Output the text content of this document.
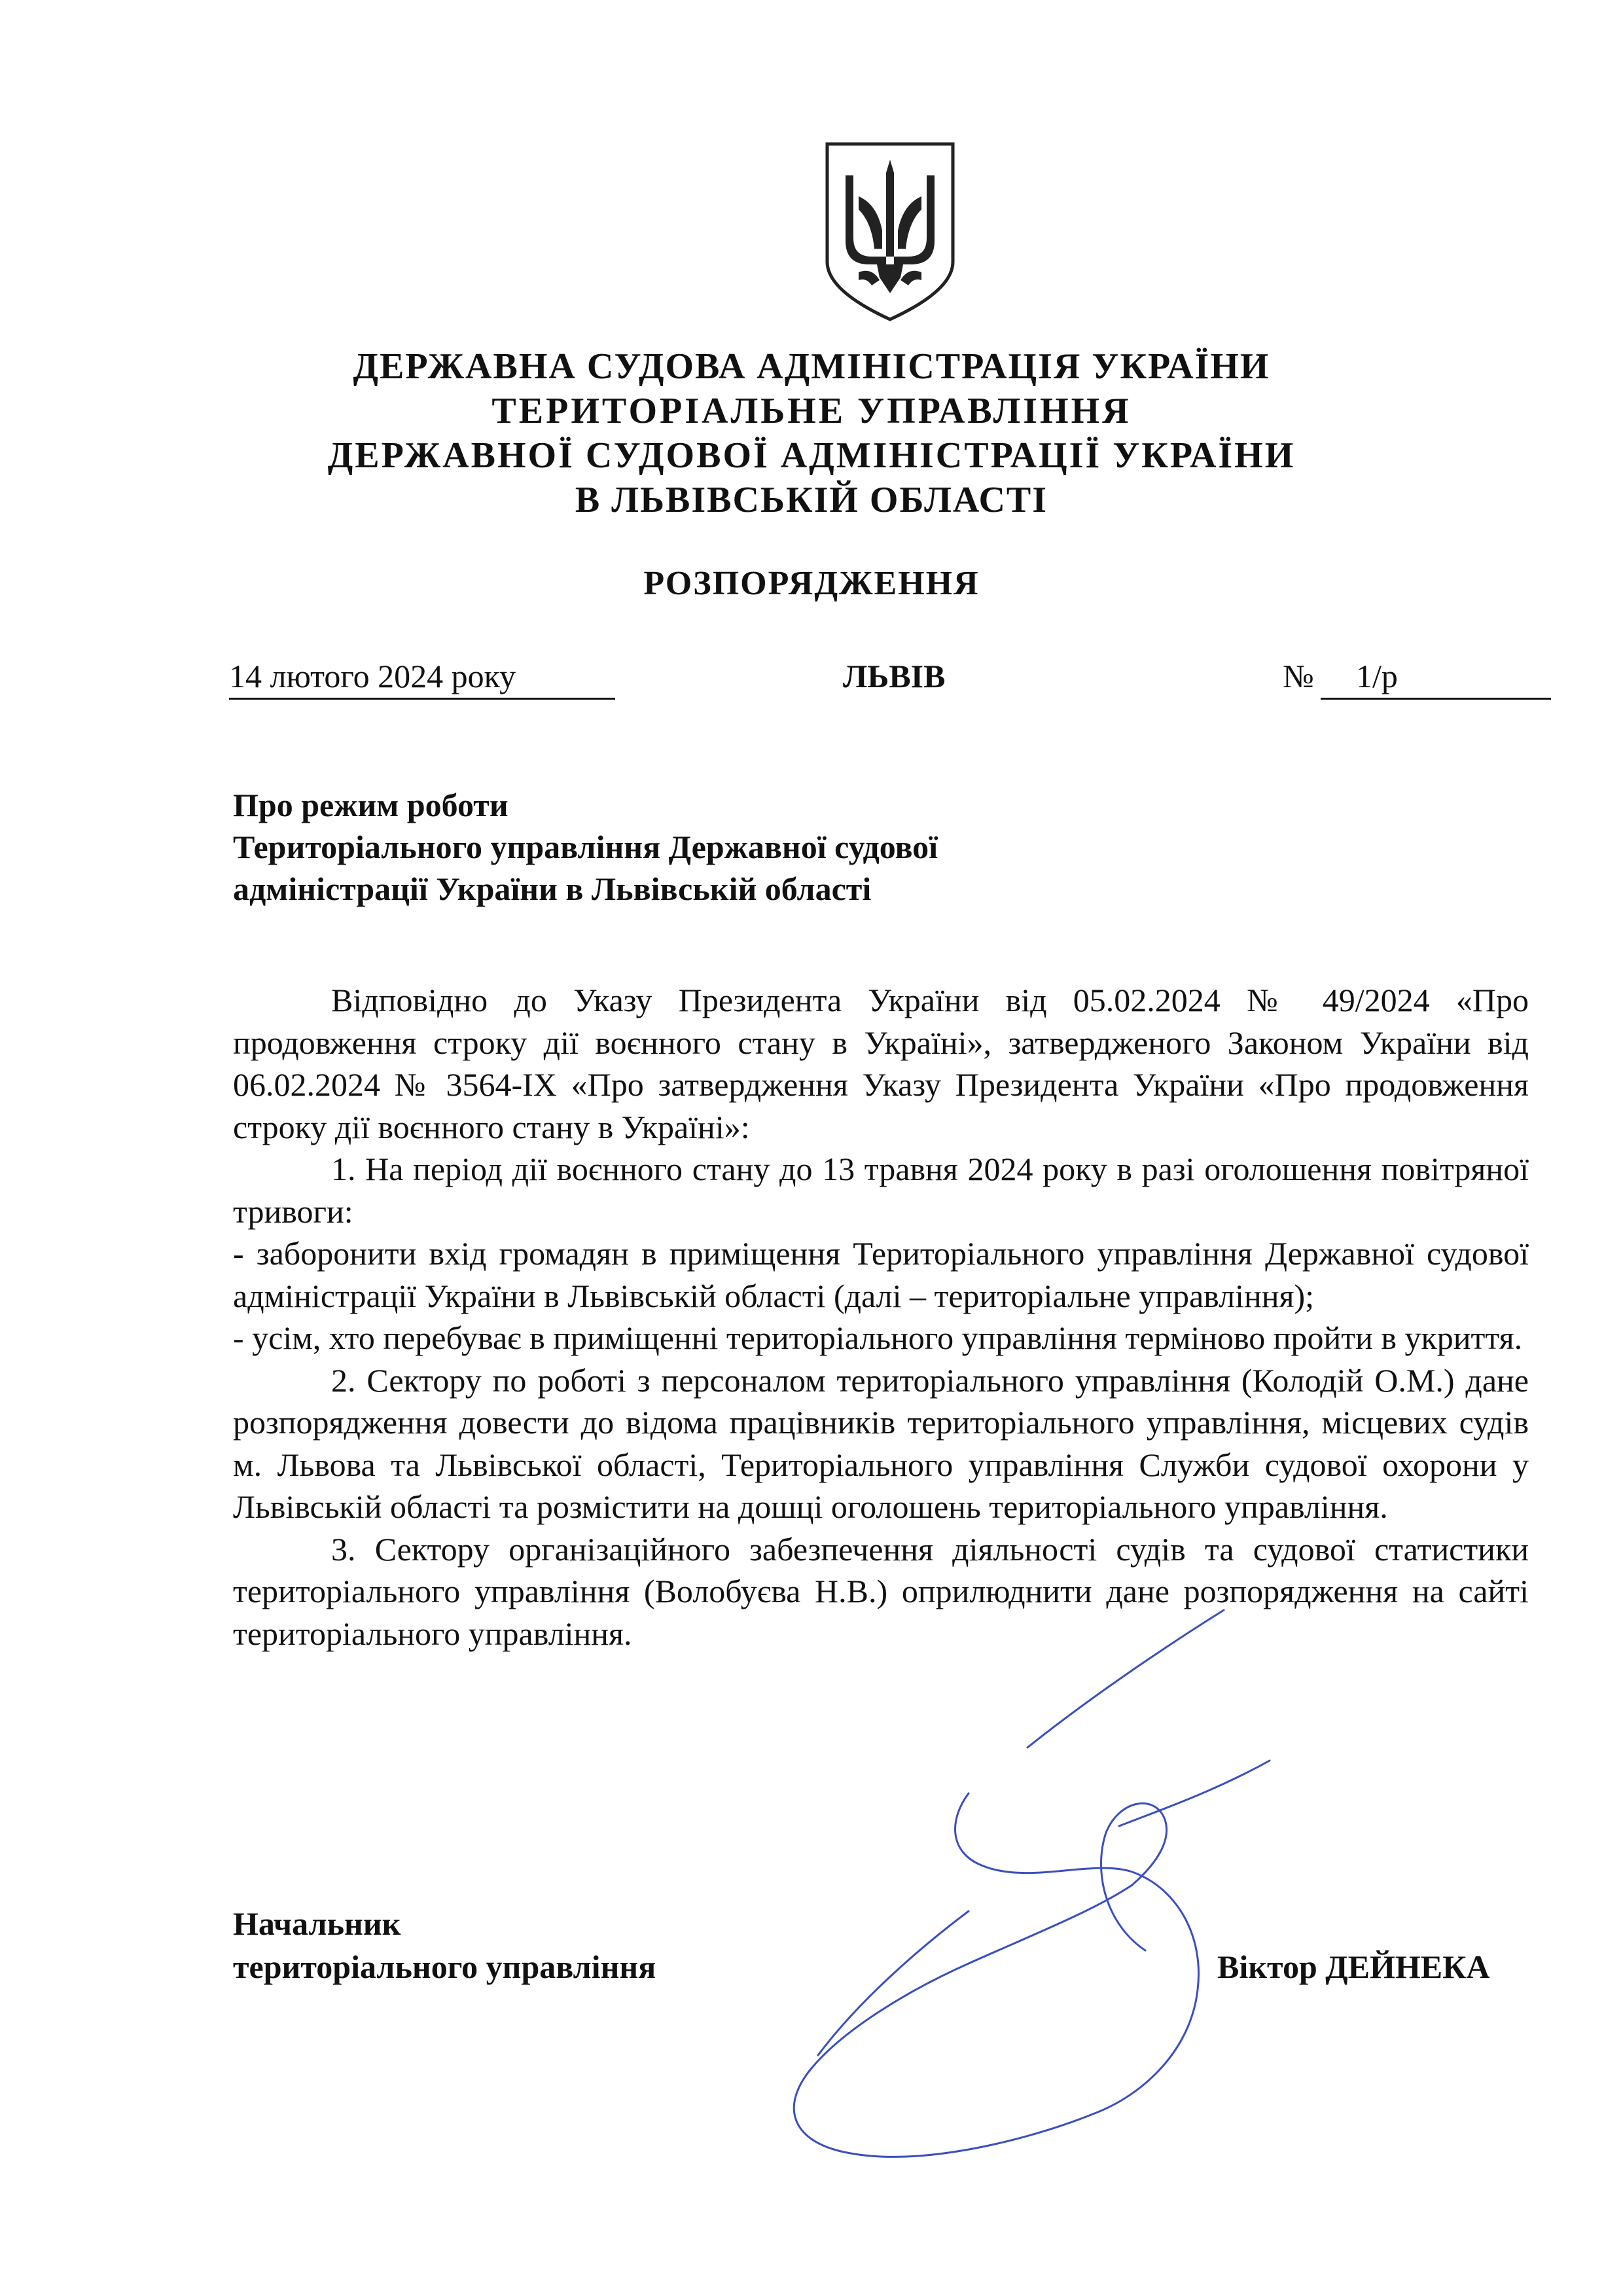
ДЕРЖАВНА СУДОВА АДМІНІСТРАЦІЯ УКРАЇНИ
ТЕРИТОРІАЛЬНЕ УПРАВЛІННЯ
ДЕРЖАВНОЇ СУДОВОЇ АДМІНІСТРАЦІЇ УКРАЇНИ
В ЛЬВІВСЬКІЙ ОБЛАСТІ
РОЗПОРЯДЖЕННЯ
14 лютого 2024 року	ЛЬВІВ	№	1/р
Про режим роботи
Територіального управління Державної судової
адміністрації України в Львівській області

Відповідно до Указу Президента України від 05.02.2024 № 49/2024 «Про продовження строку дії воєнного стану в Україні», затвердженого Законом України від 06.02.2024 № 3564-IX «Про затвердження Указу Президента України «Про продовження строку дії воєнного стану в Україні»:

1. На період дії воєнного стану до 13 травня 2024 року в разі оголошення повітряної тривоги:

- заборонити вхід громадян в приміщення Територіального управління Державної судової адміністрації України в Львівській області (далі – територіальне управління);

- усім, хто перебуває в приміщенні територіального управління терміново пройти в укриття.

2. Сектору по роботі з персоналом територіального управління (Колодій О.М.) дане розпорядження довести до відома працівників територіального управління, місцевих судів м. Львова та Львівської області, Територіального управління Служби судової охорони у Львівській області та розмістити на дошці оголошень територіального управління.

3. Сектору організаційного забезпечення діяльності судів та судової статистики територіального управління (Волобуєва Н.В.) оприлюднити дане розпорядження на сайті територіального управління.

Начальник
територіального управління	Віктор ДЕЙНЕКА
